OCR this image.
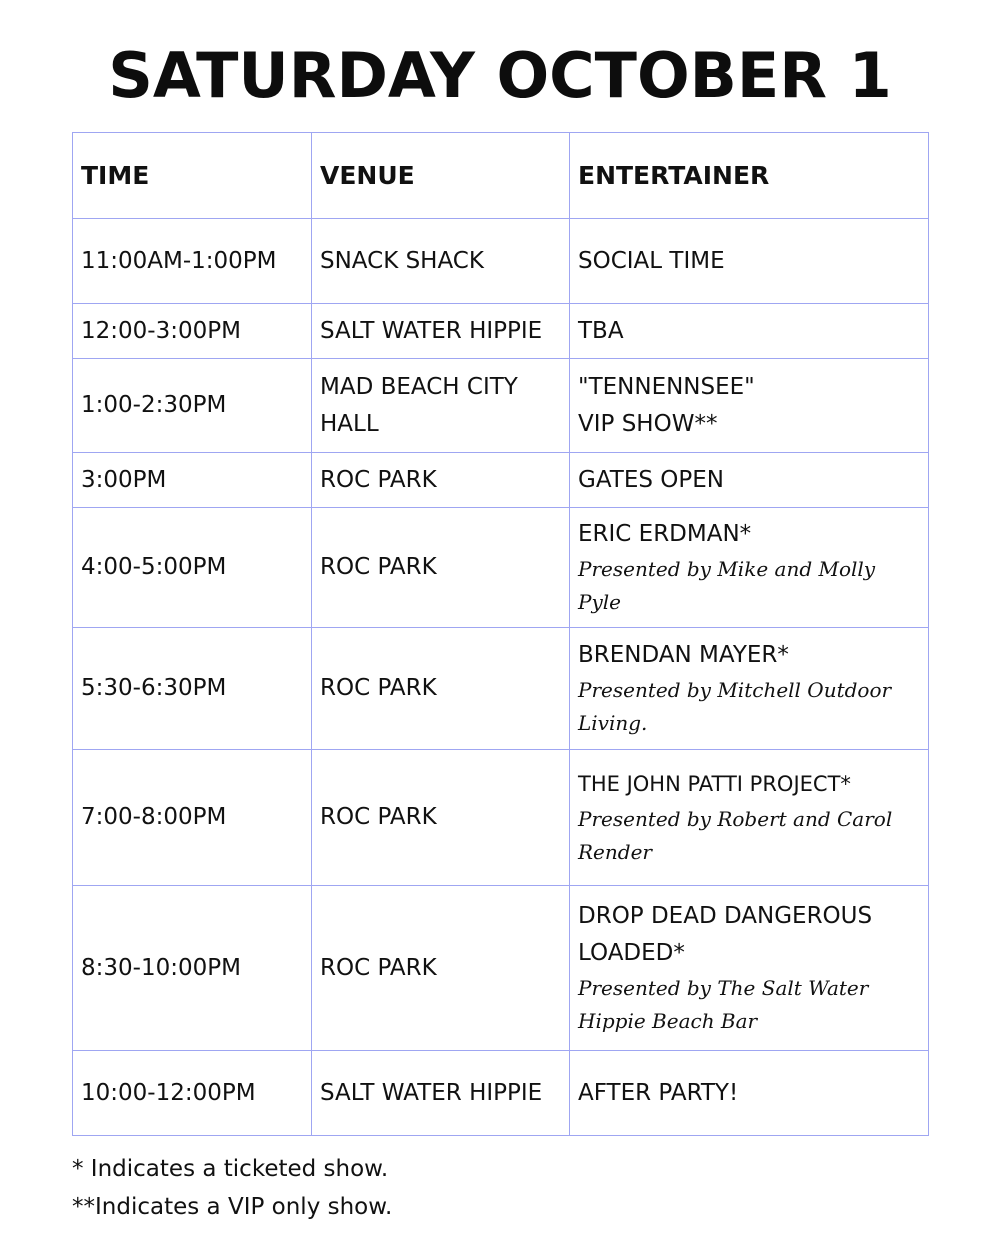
SATURDAY OCTOBER 1
TIME	VENUE	ENTERTAINER
11:00AM-1:00PM	SNACK SHACK	SOCIAL TIME

12:00-3:00PM	SALT WATER HIPPIE	TBA

1:00-2:30PM	MAD BEACH CITY HALL	"TENNENNSEE" VIP SHOW**

3:00PM	ROC PARK	GATES OPEN

4:00-5:00PM	ROC PARK	ERIC ERDMAN*
Presented by Mike and Molly Pyle

5:30-6:30PM	ROC PARK	BRENDAN MAYER*
Presented by Mitchell Outdoor Living.

7:00-8:00PM	ROC PARK	THE JOHN PATTI PROJECT*
Presented by Robert and Carol Render

8:30-10:00PM	ROC PARK	DROP DEAD DANGEROUS LOADED*
Presented by The Salt Water Hippie Beach Bar

10:00-12:00PM	SALT WATER HIPPIE	AFTER PARTY!
* Indicates a ticketed show.
**Indicates a VIP only show.
